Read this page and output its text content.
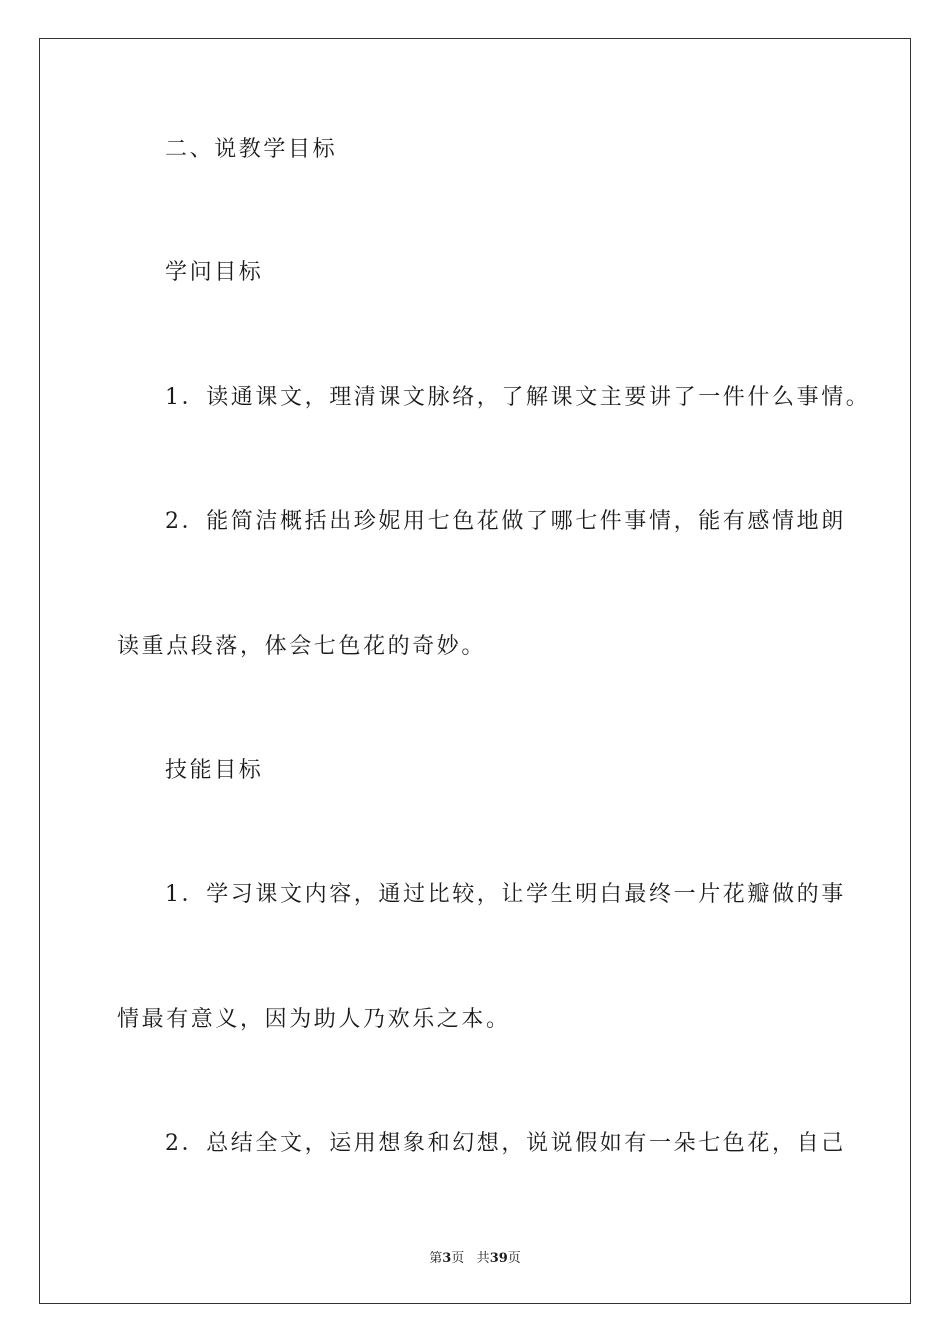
二、说教学目标
学问目标
1．读通课文，理清课文脉络，了解课文主要讲了一件什么事情。
2．能简洁概括出珍妮用七色花做了哪七件事情，能有感情地朗
读重点段落，体会七色花的奇妙。
技能目标
1．学习课文内容，通过比较，让学生明白最终一片花瓣做的事
情最有意义，因为助人乃欢乐之本。
2．总结全文，运用想象和幻想，说说假如有一朵七色花，自己
第3页 共39页
